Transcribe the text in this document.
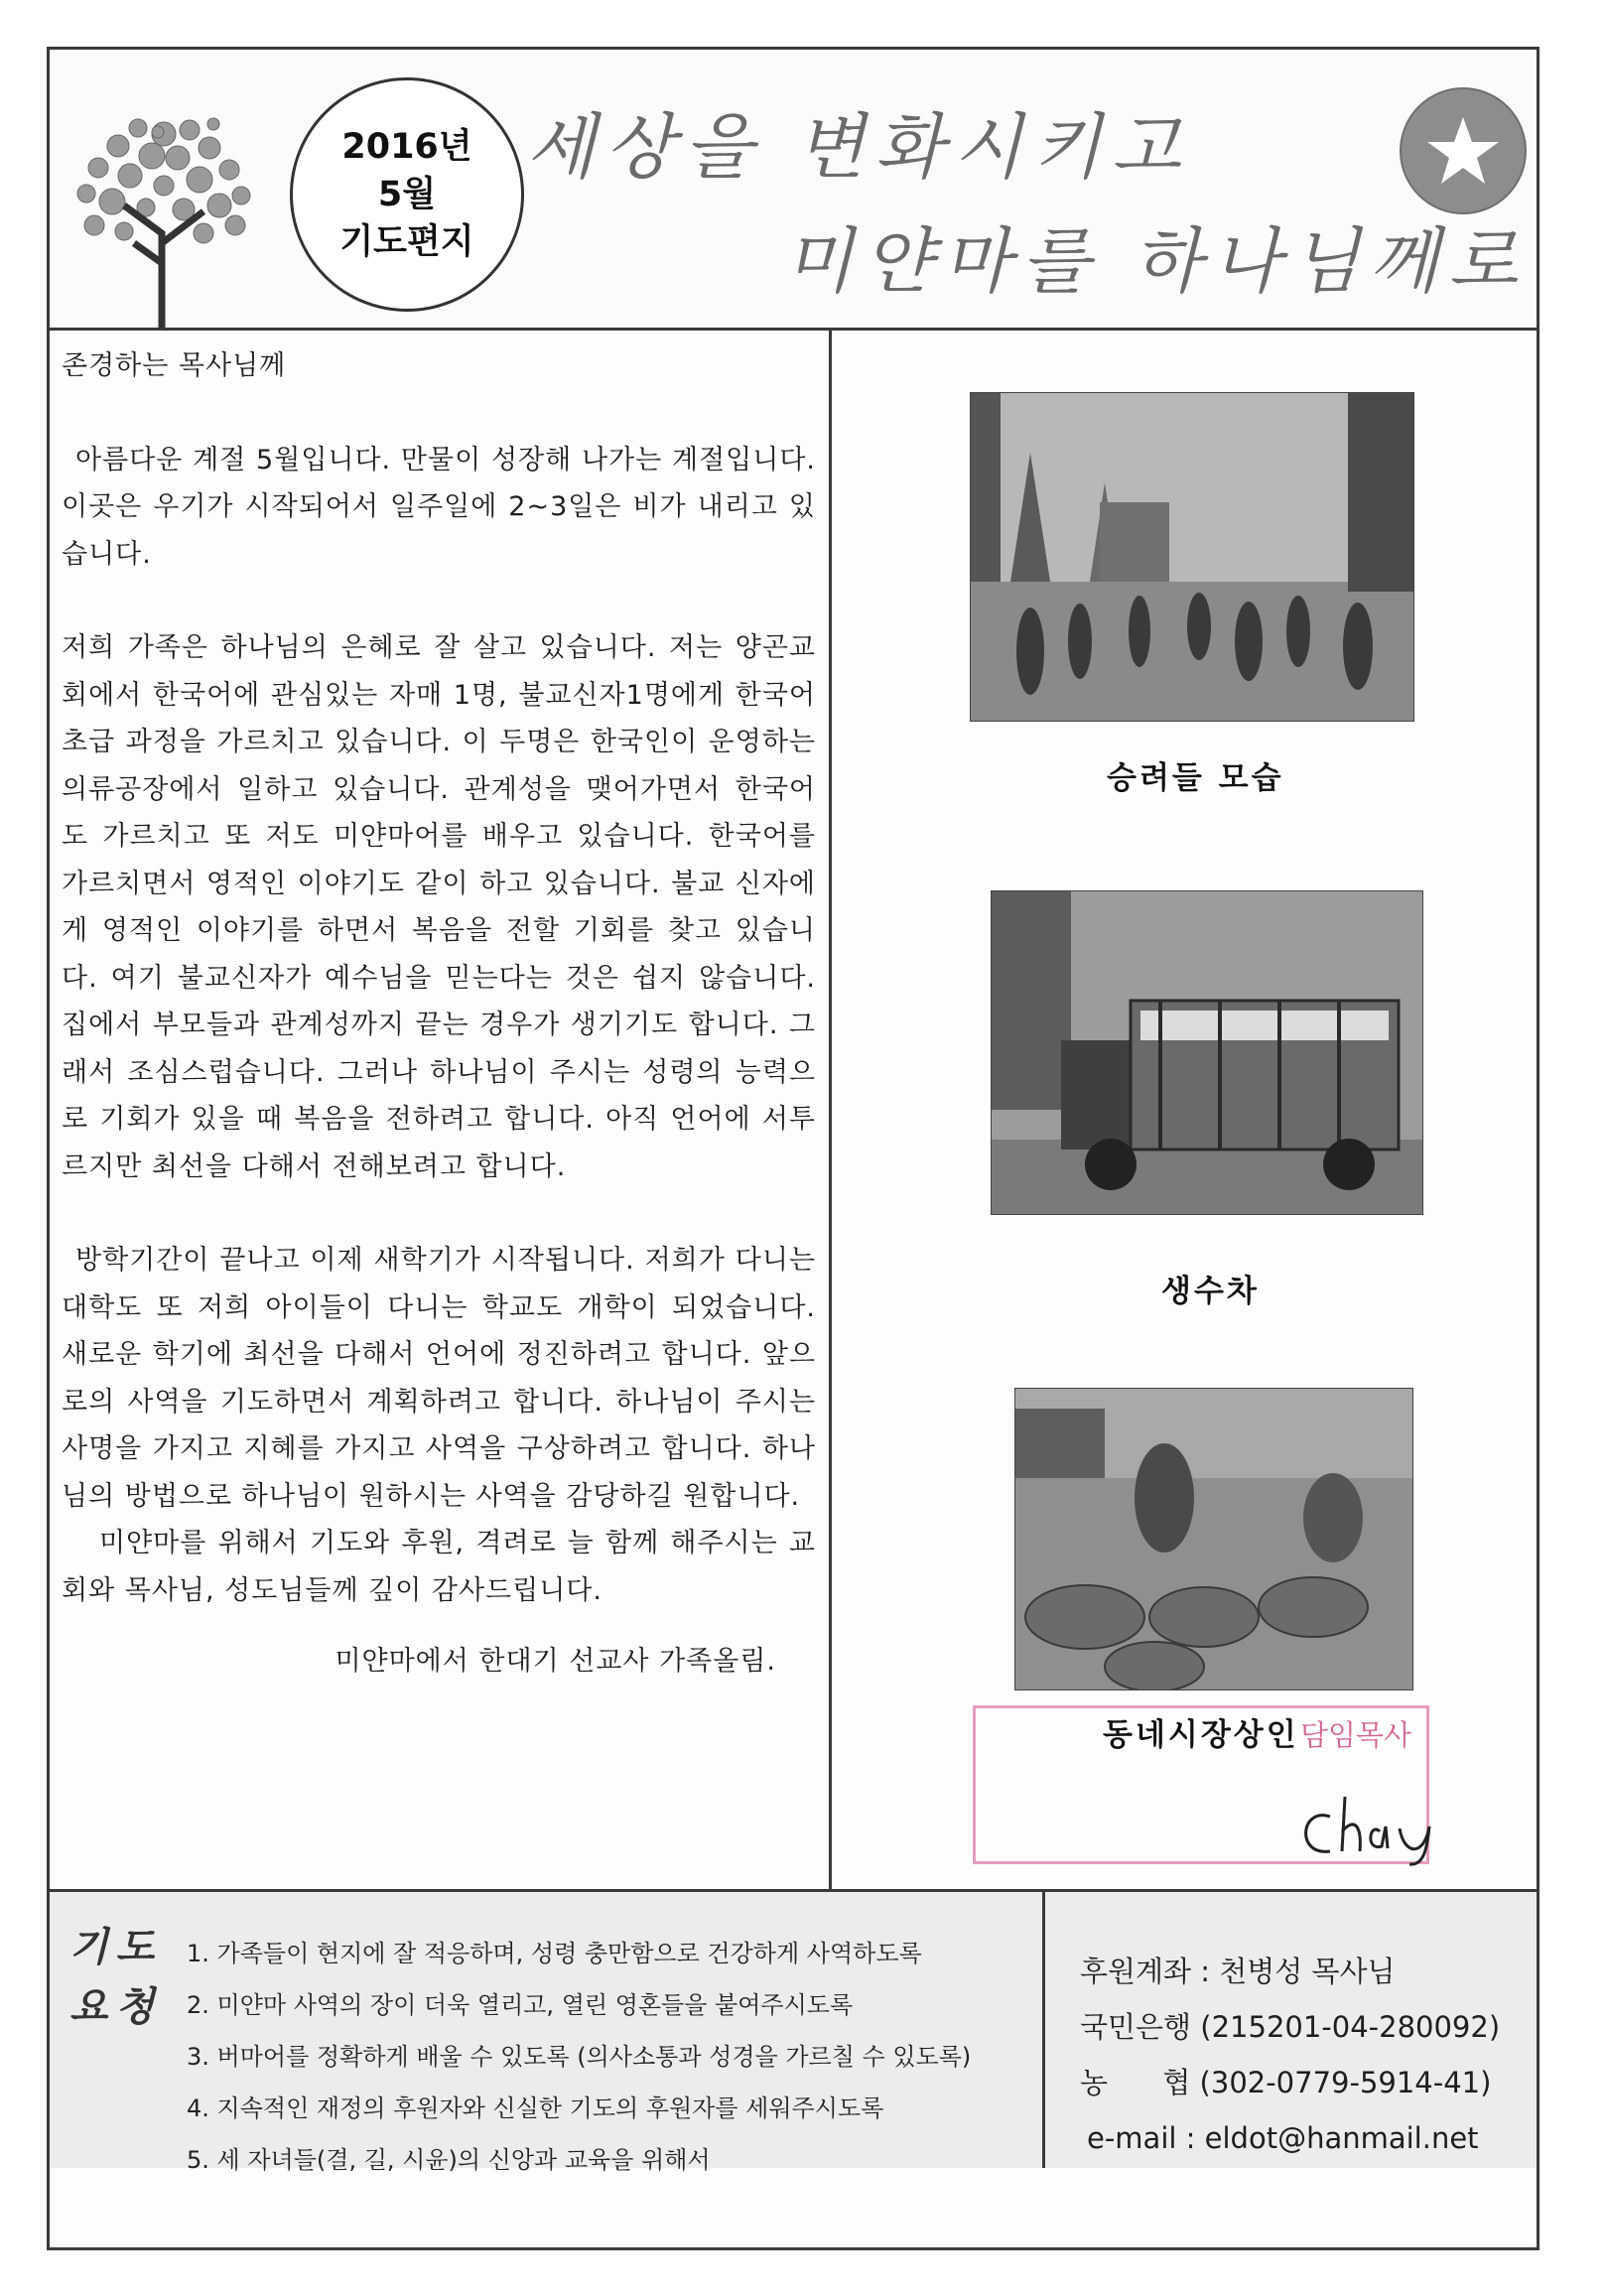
2016년
5월
기도편지
세상을 변화시키고
미얀마를 하나님께로
존경하는 목사님께

아름다운 계절 5월입니다. 만물이 성장해 나가는 계절입니다. 이곳은 우기가 시작되어서 일주일에 2~3일은 비가 내리고 있습니다.

저희 가족은 하나님의 은혜로 잘 살고 있습니다. 저는 양곤교회에서 한국어에 관심있는 자매 1명, 불교신자1명에게 한국어 초급 과정을 가르치고 있습니다. 이 두명은 한국인이 운영하는 의류공장에서 일하고 있습니다. 관계성을 맺어가면서 한국어도 가르치고 또 저도 미얀마어를 배우고 있습니다. 한국어를 가르치면서 영적인 이야기도 같이 하고 있습니다. 불교 신자에게 영적인 이야기를 하면서 복음을 전할 기회를 찾고 있습니다. 여기 불교신자가 예수님을 믿는다는 것은 쉽지 않습니다. 집에서 부모들과 관계성까지 끝는 경우가 생기기도 합니다. 그래서 조심스럽습니다. 그러나 하나님이 주시는 성령의 능력으로 기회가 있을 때 복음을 전하려고 합니다. 아직 언어에 서투르지만 최선을 다해서 전해보려고 합니다.

방학기간이 끝나고 이제 새학기가 시작됩니다. 저희가 다니는 대학도 또 저희 아이들이 다니는 학교도 개학이 되었습니다. 새로운 학기에 최선을 다해서 언어에 정진하려고 합니다. 앞으로의 사역을 기도하면서 계획하려고 합니다. 하나님이 주시는 사명을 가지고 지혜를 가지고 사역을 구상하려고 합니다. 하나님의 방법으로 하나님이 원하시는 사역을 감당하길 원합니다.

미얀마를 위해서 기도와 후원, 격려로 늘 함께 해주시는 교회와 목사님, 성도님들께 깊이 감사드립니다.

미얀마에서 한대기 선교사 가족올림.
승려들 모습
생수차
담임목사
동네시장상인
기도
요청
1. 가족들이 현지에 잘 적응하며, 성령 충만함으로 건강하게 사역하도록
2. 미얀마 사역의 장이 더욱 열리고, 열린 영혼들을 붙여주시도록
3. 버마어를 정확하게 배울 수 있도록 (의사소통과 성경을 가르칠 수 있도록)
4. 지속적인 재정의 후원자와 신실한 기도의 후원자를 세워주시도록
5. 세 자녀들(결, 길, 시윤)의 신앙과 교육을 위해서
후원계좌 : 천병성 목사님
국민은행 (215201-04-280092)
농      협 (302-0779-5914-41)
e-mail : eldot@hanmail.net
